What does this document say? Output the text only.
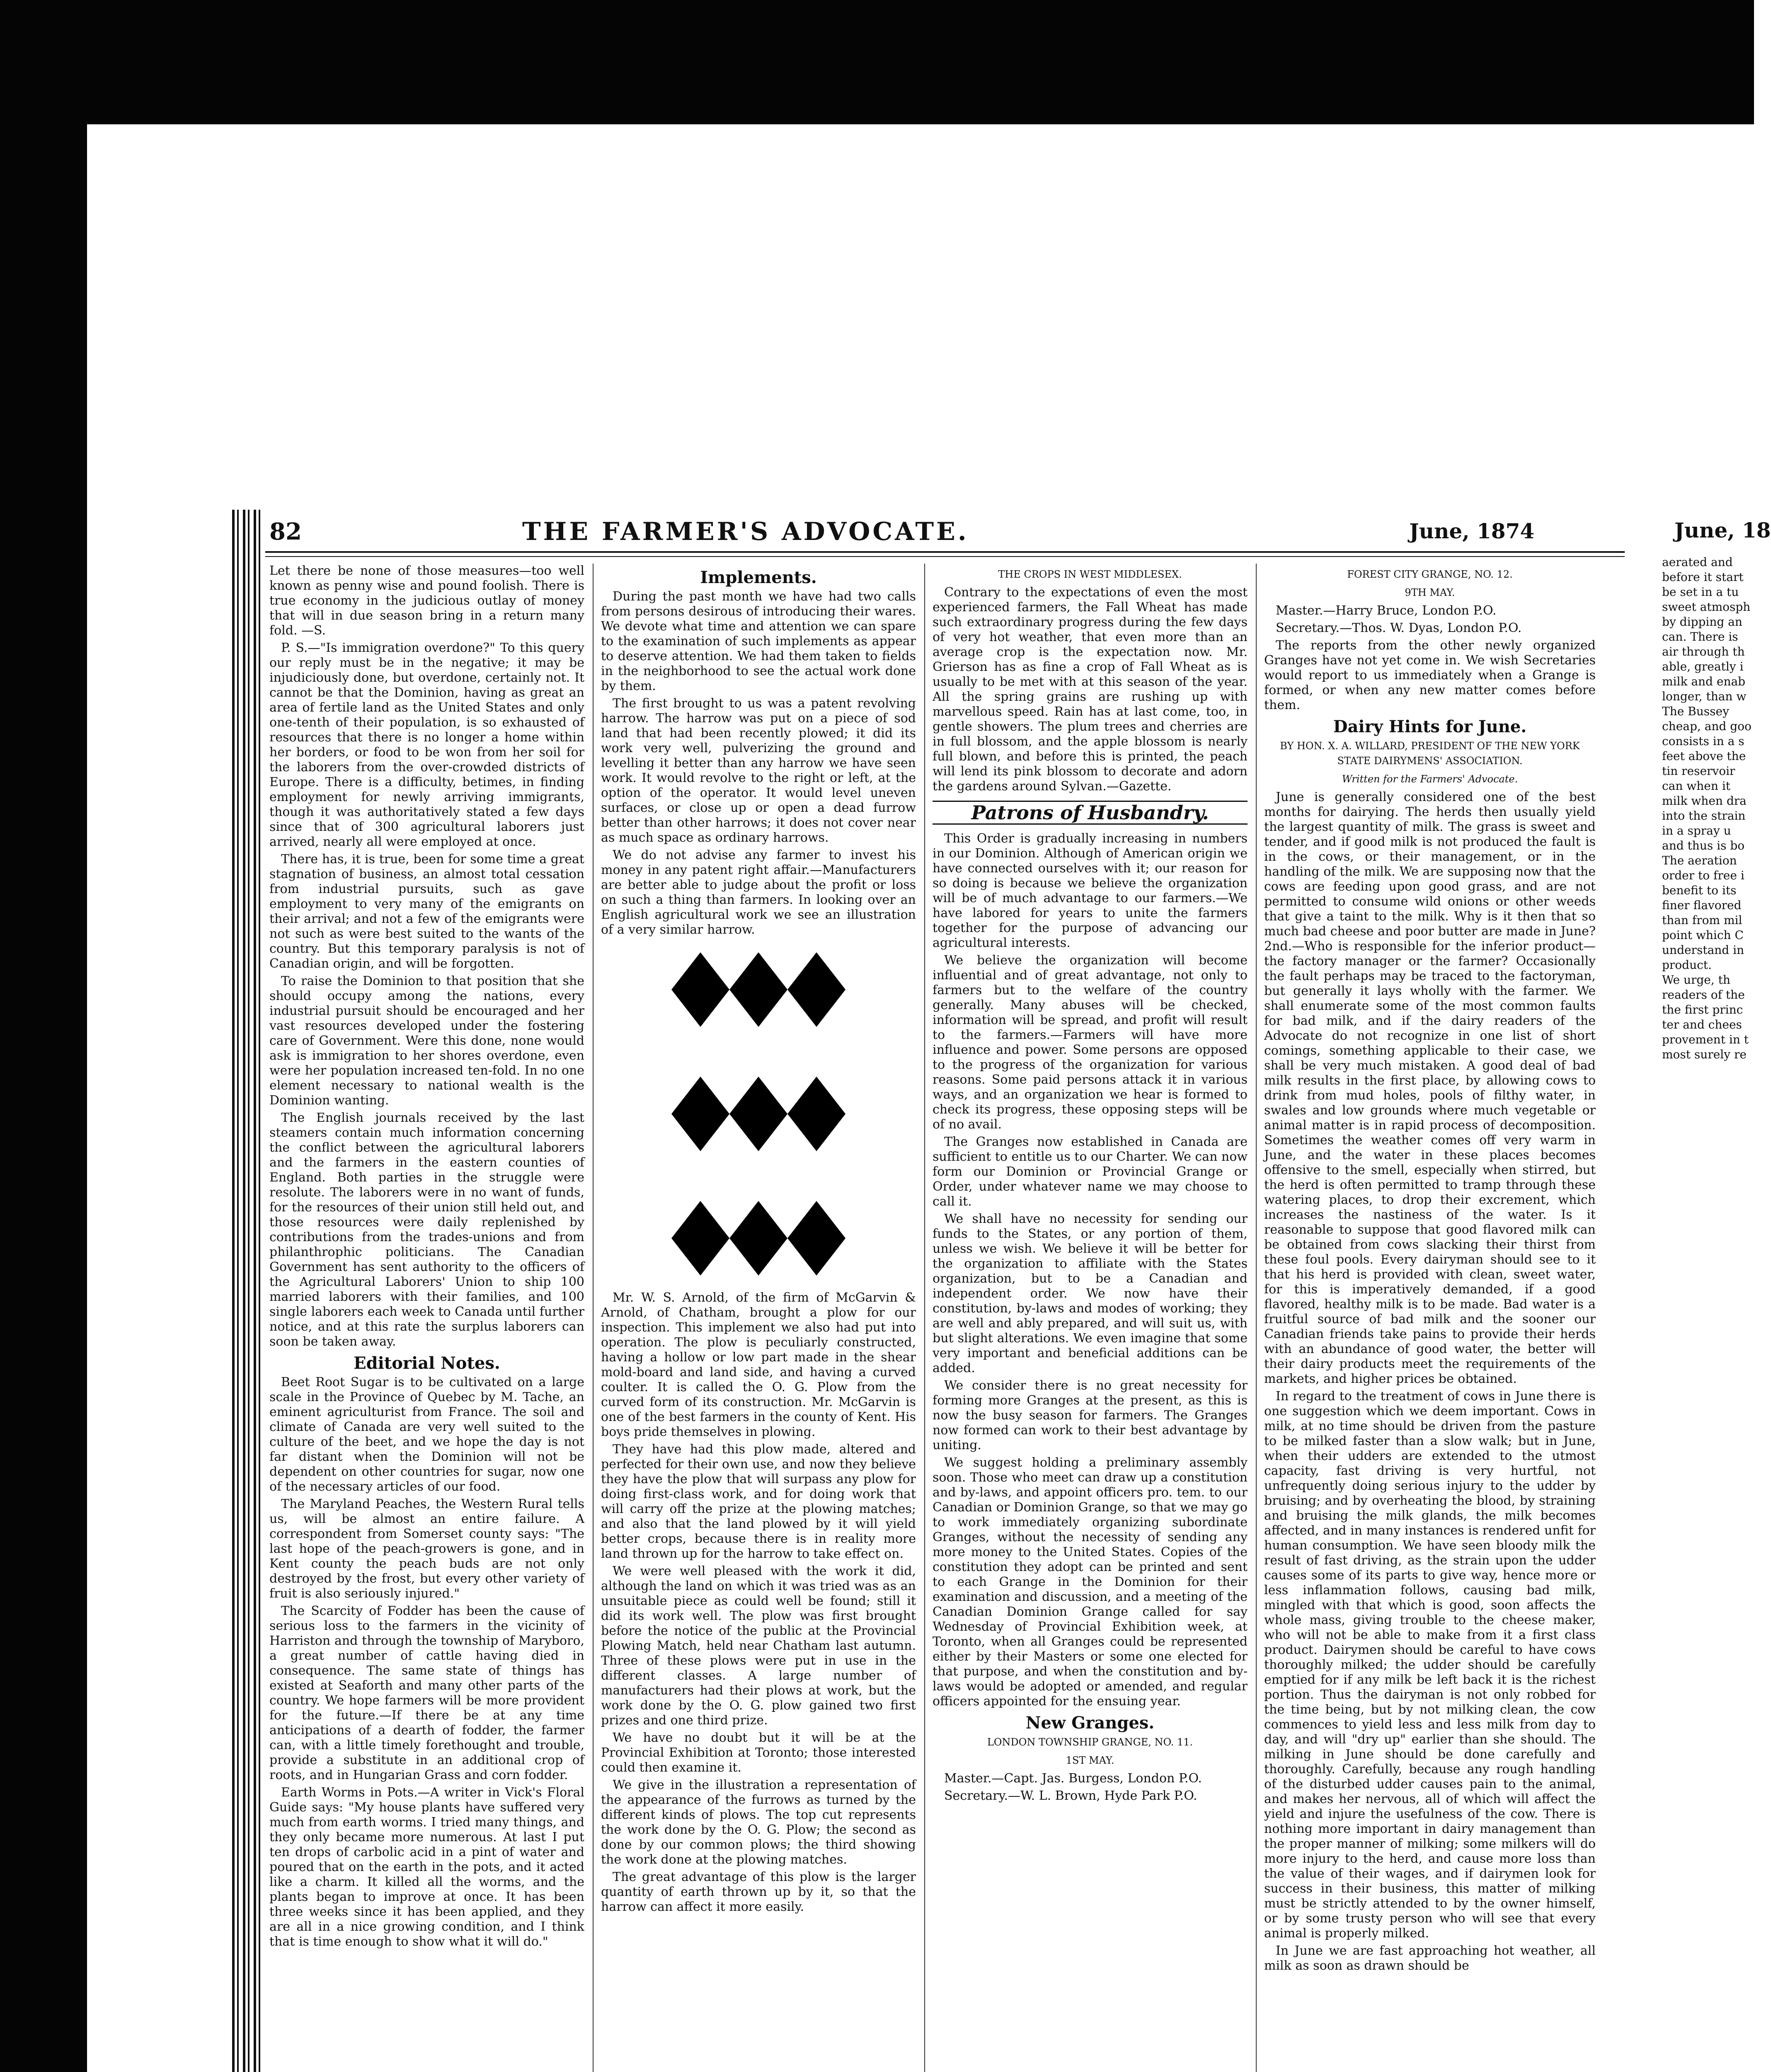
82	THE FARMER'S ADVOCATE.	June, 1874

Let there be none of those measures—too well known as penny wise and pound foolish. There is true economy in the judicious outlay of money that will in due season bring in a return many fold. —S.

P. S.—"Is immigration overdone?" To this query our reply must be in the negative; it may be injudiciously done, but overdone, certainly not. It cannot be that the Dominion, having as great an area of fertile land as the United States and only one-tenth of their population, is so exhausted of resources that there is no longer a home within her borders, or food to be won from her soil for the laborers from the over-crowded districts of Europe. There is a difficulty, betimes, in finding employment for newly arriving immigrants, though it was authoritatively stated a few days since that of 300 agricultural laborers just arrived, nearly all were employed at once.

There has, it is true, been for some time a great stagnation of business, an almost total cessation from industrial pursuits, such as gave employment to very many of the emigrants on their arrival; and not a few of the emigrants were not such as were best suited to the wants of the country. But this temporary paralysis is not of Canadian origin, and will be forgotten.

To raise the Dominion to that position that she should occupy among the nations, every industrial pursuit should be encouraged and her vast resources developed under the fostering care of Government. Were this done, none would ask is immigration to her shores overdone, even were her population increased ten-fold. In no one element necessary to national wealth is the Dominion wanting.

The English journals received by the last steamers contain much information concerning the conflict between the agricultural laborers and the farmers in the eastern counties of England. Both parties in the struggle were resolute. The laborers were in no want of funds, for the resources of their union still held out, and those resources were daily replenished by contributions from the trades-unions and from philanthrophic politicians. The Canadian Government has sent authority to the officers of the Agricultural Laborers' Union to ship 100 married laborers with their families, and 100 single laborers each week to Canada until further notice, and at this rate the surplus laborers can soon be taken away.

Editorial Notes.

Beet Root Sugar is to be cultivated on a large scale in the Province of Quebec by M. Tache, an eminent agriculturist from France. The soil and climate of Canada are very well suited to the culture of the beet, and we hope the day is not far distant when the Dominion will not be dependent on other countries for sugar, now one of the necessary articles of our food.

The Maryland Peaches, the Western Rural tells us, will be almost an entire failure. A correspondent from Somerset county says: "The last hope of the peach-growers is gone, and in Kent county the peach buds are not only destroyed by the frost, but every other variety of fruit is also seriously injured."

The Scarcity of Fodder has been the cause of serious loss to the farmers in the vicinity of Harriston and through the township of Maryboro, a great number of cattle having died in consequence. The same state of things has existed at Seaforth and many other parts of the country. We hope farmers will be more provident for the future.—If there be at any time anticipations of a dearth of fodder, the farmer can, with a little timely forethought and trouble, provide a substitute in an additional crop of roots, and in Hungarian Grass and corn fodder.

Earth Worms in Pots.—A writer in Vick's Floral Guide says: "My house plants have suffered very much from earth worms. I tried many things, and they only became more numerous. At last I put ten drops of carbolic acid in a pint of water and poured that on the earth in the pots, and it acted like a charm. It killed all the worms, and the plants began to improve at once. It has been three weeks since it has been applied, and they are all in a nice growing condition, and I think that is time enough to show what it will do."

Implements.

During the past month we have had two calls from persons desirous of introducing their wares. We devote what time and attention we can spare to the examination of such implements as appear to deserve attention. We had them taken to fields in the neighborhood to see the actual work done by them.

The first brought to us was a patent revolving harrow. The harrow was put on a piece of sod land that had been recently plowed; it did its work very well, pulverizing the ground and levelling it better than any harrow we have seen work. It would revolve to the right or left, at the option of the operator. It would level uneven surfaces, or close up or open a dead furrow better than other harrows; it does not cover near as much space as ordinary harrows.

We do not advise any farmer to invest his money in any patent right affair.—Manufacturers are better able to judge about the profit or loss on such a thing than farmers. In looking over an English agricultural work we see an illustration of a very similar harrow.

Mr. W. S. Arnold, of the firm of McGarvin & Arnold, of Chatham, brought a plow for our inspection. This implement we also had put into operation. The plow is peculiarly constructed, having a hollow or low part made in the shear mold-board and land side, and having a curved coulter. It is called the O. G. Plow from the curved form of its construction. Mr. McGarvin is one of the best farmers in the county of Kent. His boys pride themselves in plowing.

They have had this plow made, altered and perfected for their own use, and now they believe they have the plow that will surpass any plow for doing first-class work, and for doing work that will carry off the prize at the plowing matches; and also that the land plowed by it will yield better crops, because there is in reality more land thrown up for the harrow to take effect on.

We were well pleased with the work it did, although the land on which it was tried was as an unsuitable piece as could well be found; still it did its work well. The plow was first brought before the notice of the public at the Provincial Plowing Match, held near Chatham last autumn. Three of these plows were put in use in the different classes. A large number of manufacturers had their plows at work, but the work done by the O. G. plow gained two first prizes and one third prize.

We have no doubt but it will be at the Provincial Exhibition at Toronto; those interested could then examine it.

We give in the illustration a representation of the appearance of the furrows as turned by the different kinds of plows. The top cut represents the work done by the O. G. Plow; the second as done by our common plows; the third showing the work done at the plowing matches.

The great advantage of this plow is the larger quantity of earth thrown up by it, so that the harrow can affect it more easily.

THE CROPS IN WEST MIDDLESEX.

Contrary to the expectations of even the most experienced farmers, the Fall Wheat has made such extraordinary progress during the few days of very hot weather, that even more than an average crop is the expectation now. Mr. Grierson has as fine a crop of Fall Wheat as is usually to be met with at this season of the year. All the spring grains are rushing up with marvellous speed. Rain has at last come, too, in gentle showers. The plum trees and cherries are in full blossom, and the apple blossom is nearly full blown, and before this is printed, the peach will lend its pink blossom to decorate and adorn the gardens around Sylvan.—Gazette.

Patrons of Husbandry.

This Order is gradually increasing in numbers in our Dominion. Although of American origin we have connected ourselves with it; our reason for so doing is because we believe the organization will be of much advantage to our farmers.—We have labored for years to unite the farmers together for the purpose of advancing our agricultural interests.

We believe the organization will become influential and of great advantage, not only to farmers but to the welfare of the country generally. Many abuses will be checked, information will be spread, and profit will result to the farmers.—Farmers will have more influence and power. Some persons are opposed to the progress of the organization for various reasons. Some paid persons attack it in various ways, and an organization we hear is formed to check its progress, these opposing steps will be of no avail.

The Granges now established in Canada are sufficient to entitle us to our Charter. We can now form our Dominion or Provincial Grange or Order, under whatever name we may choose to call it.

We shall have no necessity for sending our funds to the States, or any portion of them, unless we wish. We believe it will be better for the organization to affiliate with the States organization, but to be a Canadian and independent order. We now have their constitution, by-laws and modes of working; they are well and ably prepared, and will suit us, with but slight alterations. We even imagine that some very important and beneficial additions can be added.

We consider there is no great necessity for forming more Granges at the present, as this is now the busy season for farmers. The Granges now formed can work to their best advantage by uniting.

We suggest holding a preliminary assembly soon. Those who meet can draw up a constitution and by-laws, and appoint officers pro. tem. to our Canadian or Dominion Grange, so that we may go to work immediately organizing subordinate Granges, without the necessity of sending any more money to the United States. Copies of the constitution they adopt can be printed and sent to each Grange in the Dominion for their examination and discussion, and a meeting of the Canadian Dominion Grange called for say Wednesday of Provincial Exhibition week, at Toronto, when all Granges could be represented either by their Masters or some one elected for that purpose, and when the constitution and by-laws would be adopted or amended, and regular officers appointed for the ensuing year.

New Granges.
LONDON TOWNSHIP GRANGE, NO. 11.
1ST MAY.

Master.—Capt. Jas. Burgess, London P.O.

Secretary.—W. L. Brown, Hyde Park P.O.

FOREST CITY GRANGE, NO. 12.
9TH MAY.

Master.—Harry Bruce, London P.O.

Secretary.—Thos. W. Dyas, London P.O.

The reports from the other newly organized Granges have not yet come in. We wish Secretaries would report to us immediately when a Grange is formed, or when any new matter comes before them.

Dairy Hints for June.
BY HON. X. A. WILLARD, PRESIDENT OF THE NEW YORK STATE DAIRYMENS' ASSOCIATION.
Written for the Farmers' Advocate.

June is generally considered one of the best months for dairying. The herds then usually yield the largest quantity of milk. The grass is sweet and tender, and if good milk is not produced the fault is in the cows, or their management, or in the handling of the milk. We are supposing now that the cows are feeding upon good grass, and are not permitted to consume wild onions or other weeds that give a taint to the milk. Why is it then that so much bad cheese and poor butter are made in June? 2nd.—Who is responsible for the inferior product—the factory manager or the farmer? Occasionally the fault perhaps may be traced to the factoryman, but generally it lays wholly with the farmer. We shall enumerate some of the most common faults for bad milk, and if the dairy readers of the Advocate do not recognize in one list of short comings, something applicable to their case, we shall be very much mistaken. A good deal of bad milk results in the first place, by allowing cows to drink from mud holes, pools of filthy water, in swales and low grounds where much vegetable or animal matter is in rapid process of decomposition. Sometimes the weather comes off very warm in June, and the water in these places becomes offensive to the smell, especially when stirred, but the herd is often permitted to tramp through these watering places, to drop their excrement, which increases the nastiness of the water. Is it reasonable to suppose that good flavored milk can be obtained from cows slacking their thirst from these foul pools. Every dairyman should see to it that his herd is provided with clean, sweet water, for this is imperatively demanded, if a good flavored, healthy milk is to be made. Bad water is a fruitful source of bad milk and the sooner our Canadian friends take pains to provide their herds with an abundance of good water, the better will their dairy products meet the requirements of the markets, and higher prices be obtained.

In regard to the treatment of cows in June there is one suggestion which we deem important. Cows in milk, at no time should be driven from the pasture to be milked faster than a slow walk; but in June, when their udders are extended to the utmost capacity, fast driving is very hurtful, not unfrequently doing serious injury to the udder by bruising; and by overheating the blood, by straining and bruising the milk glands, the milk becomes affected, and in many instances is rendered unfit for human consumption. We have seen bloody milk the result of fast driving, as the strain upon the udder causes some of its parts to give way, hence more or less inflammation follows, causing bad milk, mingled with that which is good, soon affects the whole mass, giving trouble to the cheese maker, who will not be able to make from it a first class product. Dairymen should be careful to have cows thoroughly milked; the udder should be carefully emptied for if any milk be left back it is the richest portion. Thus the dairyman is not only robbed for the time being, but by not milking clean, the cow commences to yield less and less milk from day to day, and will "dry up" earlier than she should. The milking in June should be done carefully and thoroughly. Carefully, because any rough handling of the disturbed udder causes pain to the animal, and makes her nervous, all of which will affect the yield and injure the usefulness of the cow. There is nothing more important in dairy management than the proper manner of milking; some milkers will do more injury to the herd, and cause more loss than the value of their wages, and if dairymen look for success in their business, this matter of milking must be strictly attended to by the owner himself, or by some trusty person who will see that every animal is properly milked.

In June we are fast approaching hot weather, all milk as soon as drawn should be

June, 18
aerated and
before it start
be set in a tu
sweet atmosph
by dipping an
can. There is
air through th
able, greatly i
milk and enab
longer, than w
The Bussey
cheap, and goo
consists in a s
feet above the
tin reservoir
can when it
milk when dra
into the strain
in a spray u
and thus is bo
The aeration
order to free i
benefit to its
finer flavored
than from mil
point which C
understand in
product.
We urge, th
readers of the
the first princ
ter and chees
provement in t
most surely re
